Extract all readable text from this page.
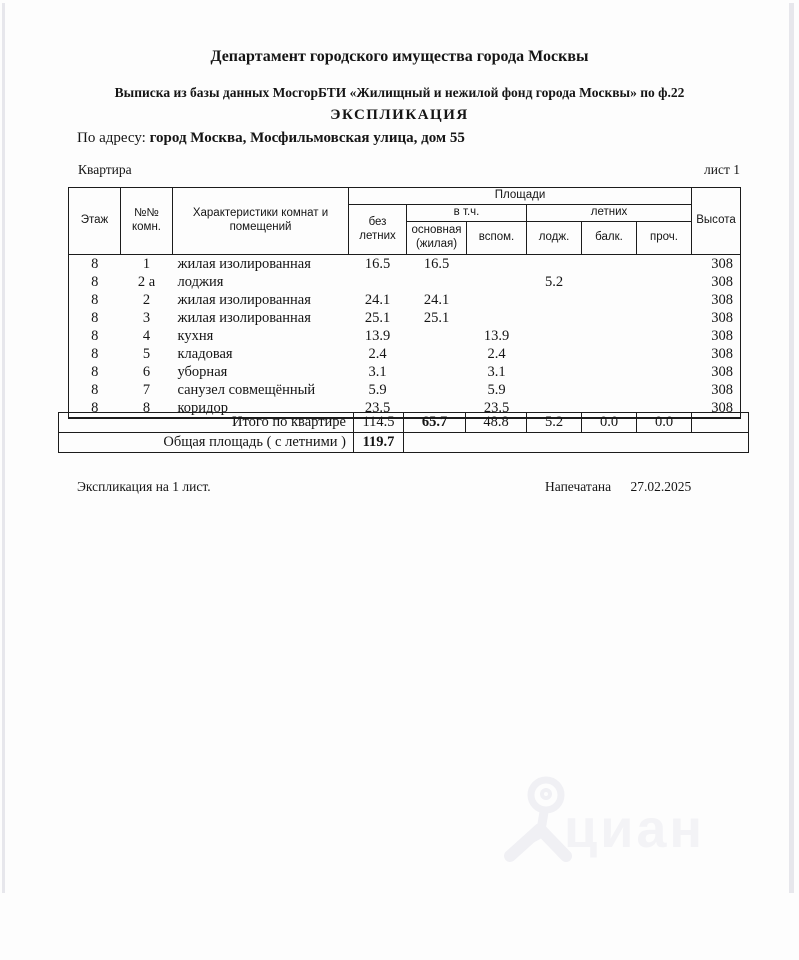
Департамент городского имущества города Москвы
Выписка из базы данных МосгорБТИ «Жилищный и нежилой фонд города Москвы» по ф.22
ЭКСПЛИКАЦИЯ
По адресу: город Москва, Мосфильмовская улица, дом 55
Квартира	лист 1
Этаж	№№ комн.	Характеристики комнат и помещений	Площади						Высота
			без летних	в т.ч.		летних			
				основная (жилая)	вспом.	лодж.	балк.	проч.	
8	1	жилая изолированная	16.5	16.5					308
8	2 а	лоджия				5.2			308
8	2	жилая изолированная	24.1	24.1					308
8	3	жилая изолированная	25.1	25.1					308
8	4	кухня	13.9		13.9				308
8	5	кладовая	2.4		2.4				308
8	6	уборная	3.1		3.1				308
8	7	санузел совмещённый	5.9		5.9				308
8	8	коридор	23.5		23.5				308
Итого по квартире	114.5	65.7	48.8	5.2	0.0	0.0	
Общая площадь ( с летними )	119.7						
Экспликация на 1 лист.	Напечатана 27.02.2025
циан
